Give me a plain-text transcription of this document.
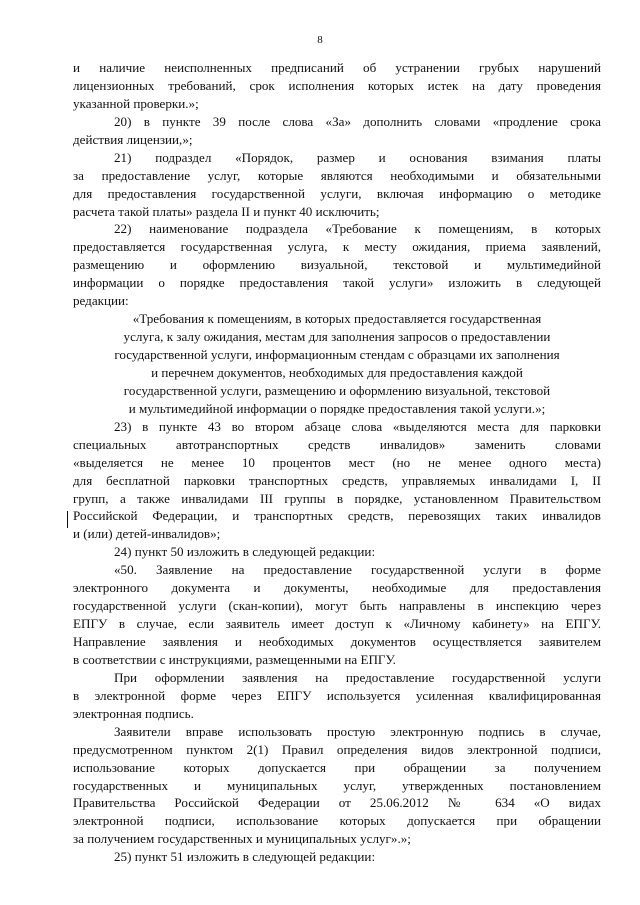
8
и наличие неисполненных предписаний об устранении грубых нарушений
лицензионных требований, срок исполнения которых истек на дату проведения
указанной проверки.»;
20) в пункте 39 после слова «За» дополнить словами «продление срока
действия лицензии,»;
21) подраздел «Порядок, размер и основания взимания платы
за предоставление услуг, которые являются необходимыми и обязательными
для предоставления государственной услуги, включая информацию о методике
расчета такой платы» раздела II и пункт 40 исключить;
22) наименование подраздела «Требование к помещениям, в которых
предоставляется государственная услуга, к месту ожидания, приема заявлений,
размещению и оформлению визуальной, текстовой и мультимедийной
информации о порядке предоставления такой услуги» изложить в следующей
редакции:
«Требования к помещениям, в которых предоставляется государственная
услуга, к залу ожидания, местам для заполнения запросов о предоставлении
государственной услуги, информационным стендам с образцами их заполнения
и перечнем документов, необходимых для предоставления каждой
государственной услуги, размещению и оформлению визуальной, текстовой
и мультимедийной информации о порядке предоставления такой услуги.»;
23) в пункте 43 во втором абзаце слова «выделяются места для парковки
специальных автотранспортных средств инвалидов» заменить словами
«выделяется не менее 10 процентов мест (но не менее одного места)
для бесплатной парковки транспортных средств, управляемых инвалидами I, II
групп, а также инвалидами III группы в порядке, установленном Правительством
Российской Федерации, и транспортных средств, перевозящих таких инвалидов
и (или) детей-инвалидов»;
24) пункт 50 изложить в следующей редакции:
«50. Заявление на предоставление государственной услуги в форме
электронного документа и документы, необходимые для предоставления
государственной услуги (скан-копии), могут быть направлены в инспекцию через
ЕПГУ в случае, если заявитель имеет доступ к «Личному кабинету» на ЕПГУ.
Направление заявления и необходимых документов осуществляется заявителем
в соответствии с инструкциями, размещенными на ЕПГУ.
При оформлении заявления на предоставление государственной услуги
в электронной форме через ЕПГУ используется усиленная квалифицированная
электронная подпись.
Заявители вправе использовать простую электронную подпись в случае,
предусмотренном пунктом 2(1) Правил определения видов электронной подписи,
использование которых допускается при обращении за получением
государственных и муниципальных услуг, утвержденных постановлением
Правительства Российской Федерации от 25.06.2012 № 634 «О видах
электронной подписи, использование которых допускается при обращении
за получением государственных и муниципальных услуг».»;
25) пункт 51 изложить в следующей редакции:
